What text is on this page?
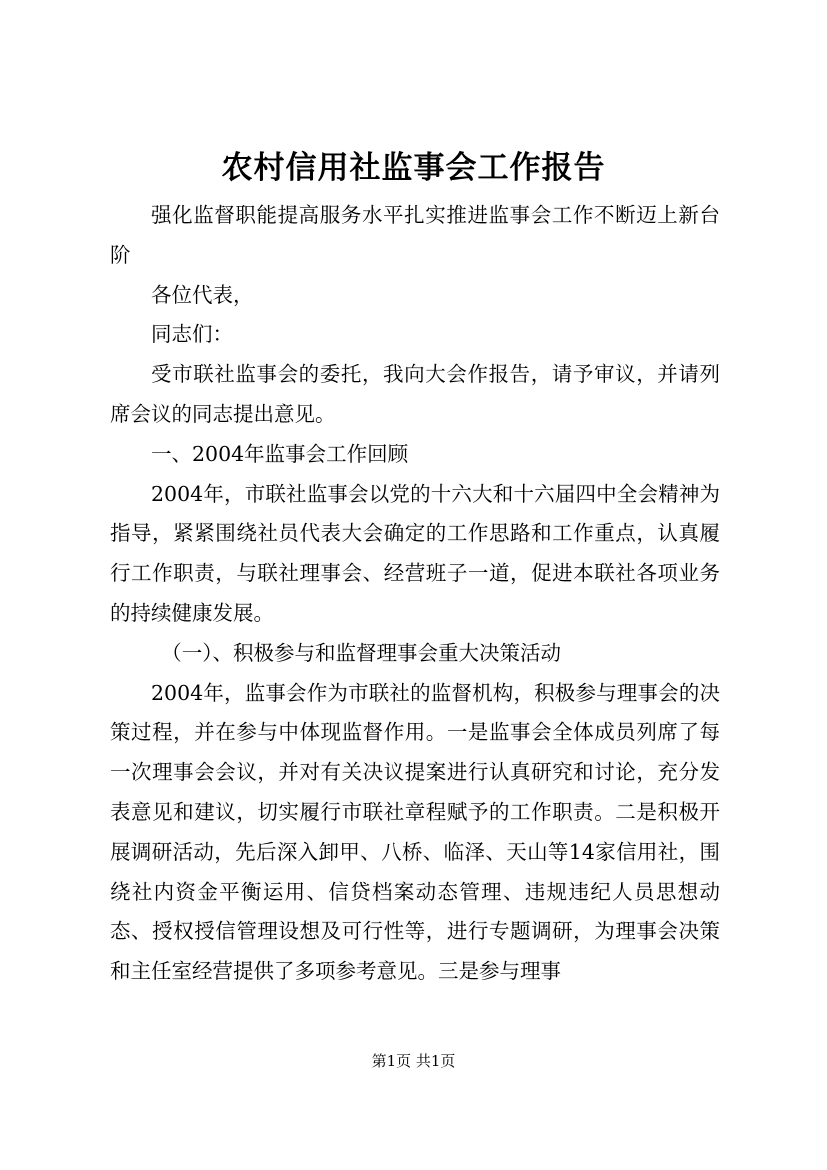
农村信用社监事会工作报告

强化监督职能提高服务水平扎实推进监事会工作不断迈上新台阶

各位代表，

同志们：

受市联社监事会的委托，我向大会作报告，请予审议，并请列席会议的同志提出意见。

一、2004年监事会工作回顾

2004年，市联社监事会以党的十六大和十六届四中全会精神为指导，紧紧围绕社员代表大会确定的工作思路和工作重点，认真履行工作职责，与联社理事会、经营班子一道，促进本联社各项业务的持续健康发展。

（一）、积极参与和监督理事会重大决策活动

2004年，监事会作为市联社的监督机构，积极参与理事会的决策过程，并在参与中体现监督作用。一是监事会全体成员列席了每一次理事会会议，并对有关决议提案进行认真研究和讨论，充分发表意见和建议，切实履行市联社章程赋予的工作职责。二是积极开展调研活动，先后深入卸甲、八桥、临泽、天山等14家信用社，围绕社内资金平衡运用、信贷档案动态管理、违规违纪人员思想动态、授权授信管理设想及可行性等，进行专题调研，为理事会决策和主任室经营提供了多项参考意见。三是参与理事

第1页 共1页
